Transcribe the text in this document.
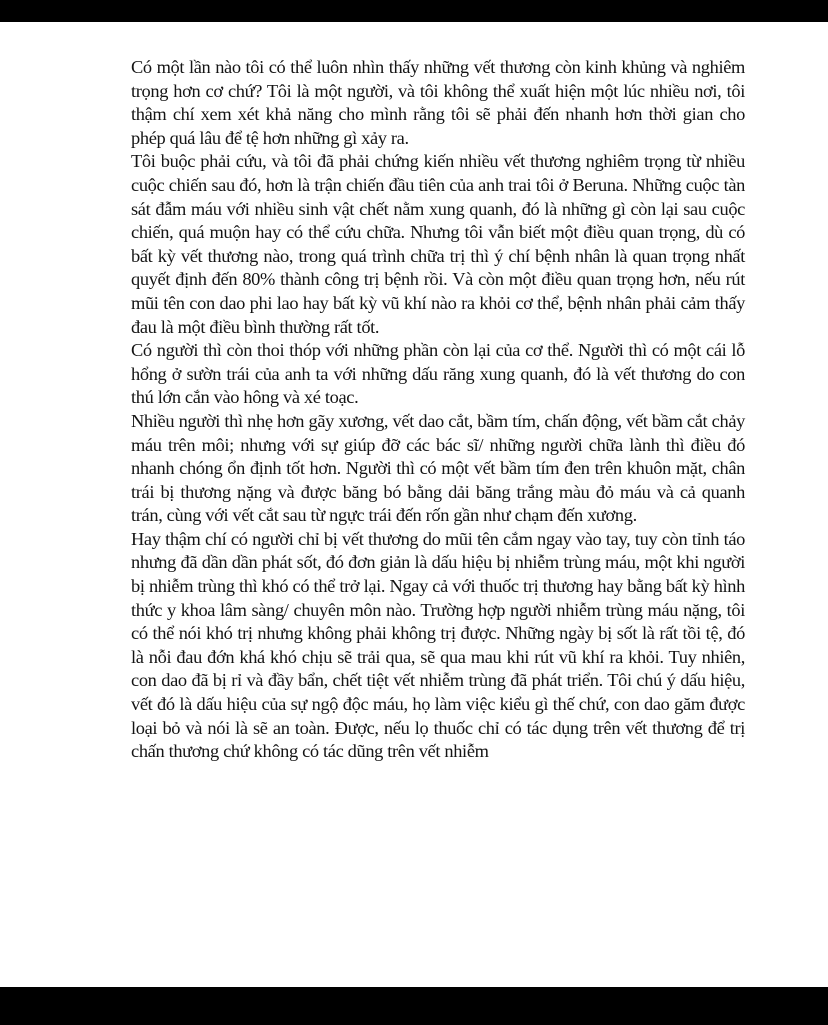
Có một lần nào tôi có thể luôn nhìn thấy những vết thương còn kinh khủng và nghiêm trọng hơn cơ chứ? Tôi là một người, và tôi không thể xuất hiện một lúc nhiều nơi, tôi thậm chí xem xét khả năng cho mình rằng tôi sẽ phải đến nhanh hơn thời gian cho phép quá lâu để tệ hơn những gì xảy ra.

Tôi buộc phải cứu, và tôi đã phải chứng kiến nhiều vết thương nghiêm trọng từ nhiều cuộc chiến sau đó, hơn là trận chiến đầu tiên của anh trai tôi ở Beruna. Những cuộc tàn sát đẫm máu với nhiều sinh vật chết nằm xung quanh, đó là những gì còn lại sau cuộc chiến, quá muộn hay có thể cứu chữa. Nhưng tôi vẫn biết một điều quan trọng, dù có bất kỳ vết thương nào, trong quá trình chữa trị thì ý chí bệnh nhân là quan trọng nhất quyết định đến 80% thành công trị bệnh rồi. Và còn một điều quan trọng hơn, nếu rút mũi tên con dao phi lao hay bất kỳ vũ khí nào ra khỏi cơ thể, bệnh nhân phải cảm thấy đau là một điều bình thường rất tốt.

Có người thì còn thoi thóp với những phần còn lại của cơ thể. Người thì có một cái lỗ hổng ở sườn trái của anh ta với những dấu răng xung quanh, đó là vết thương do con thú lớn cắn vào hông và xé toạc.

Nhiều người thì nhẹ hơn gãy xương, vết dao cắt, bầm tím, chấn động, vết bầm cắt chảy máu trên môi; nhưng với sự giúp đỡ các bác sĩ/ những người chữa lành thì điều đó nhanh chóng ổn định tốt hơn. Người thì có một vết bầm tím đen trên khuôn mặt, chân trái bị thương nặng và được băng bó bằng dải băng trắng màu đỏ máu và cả quanh trán, cùng với vết cắt sau từ ngực trái đến rốn gần như chạm đến xương.

Hay thậm chí có người chỉ bị vết thương do mũi tên cắm ngay vào tay, tuy còn tỉnh táo nhưng đã dần dần phát sốt, đó đơn giản là dấu hiệu bị nhiễm trùng máu, một khi người bị nhiễm trùng thì khó có thể trở lại. Ngay cả với thuốc trị thương hay bằng bất kỳ hình thức y khoa lâm sàng/ chuyên môn nào. Trường hợp người nhiễm trùng máu nặng, tôi có thể nói khó trị nhưng không phải không trị được. Những ngày bị sốt là rất tồi tệ, đó là nỗi đau đớn khá khó chịu sẽ trải qua, sẽ qua mau khi rút vũ khí ra khỏi. Tuy nhiên, con dao đã bị rỉ và đầy bẩn, chết tiệt vết nhiễm trùng đã phát triển. Tôi chú ý dấu hiệu, vết đó là dấu hiệu của sự ngộ độc máu, họ làm việc kiểu gì thế chứ, con dao găm được loại bỏ và nói là sẽ an toàn. Được, nếu lọ thuốc chỉ có tác dụng trên vết thương để trị chấn thương chứ không có tác dũng trên vết nhiễm
